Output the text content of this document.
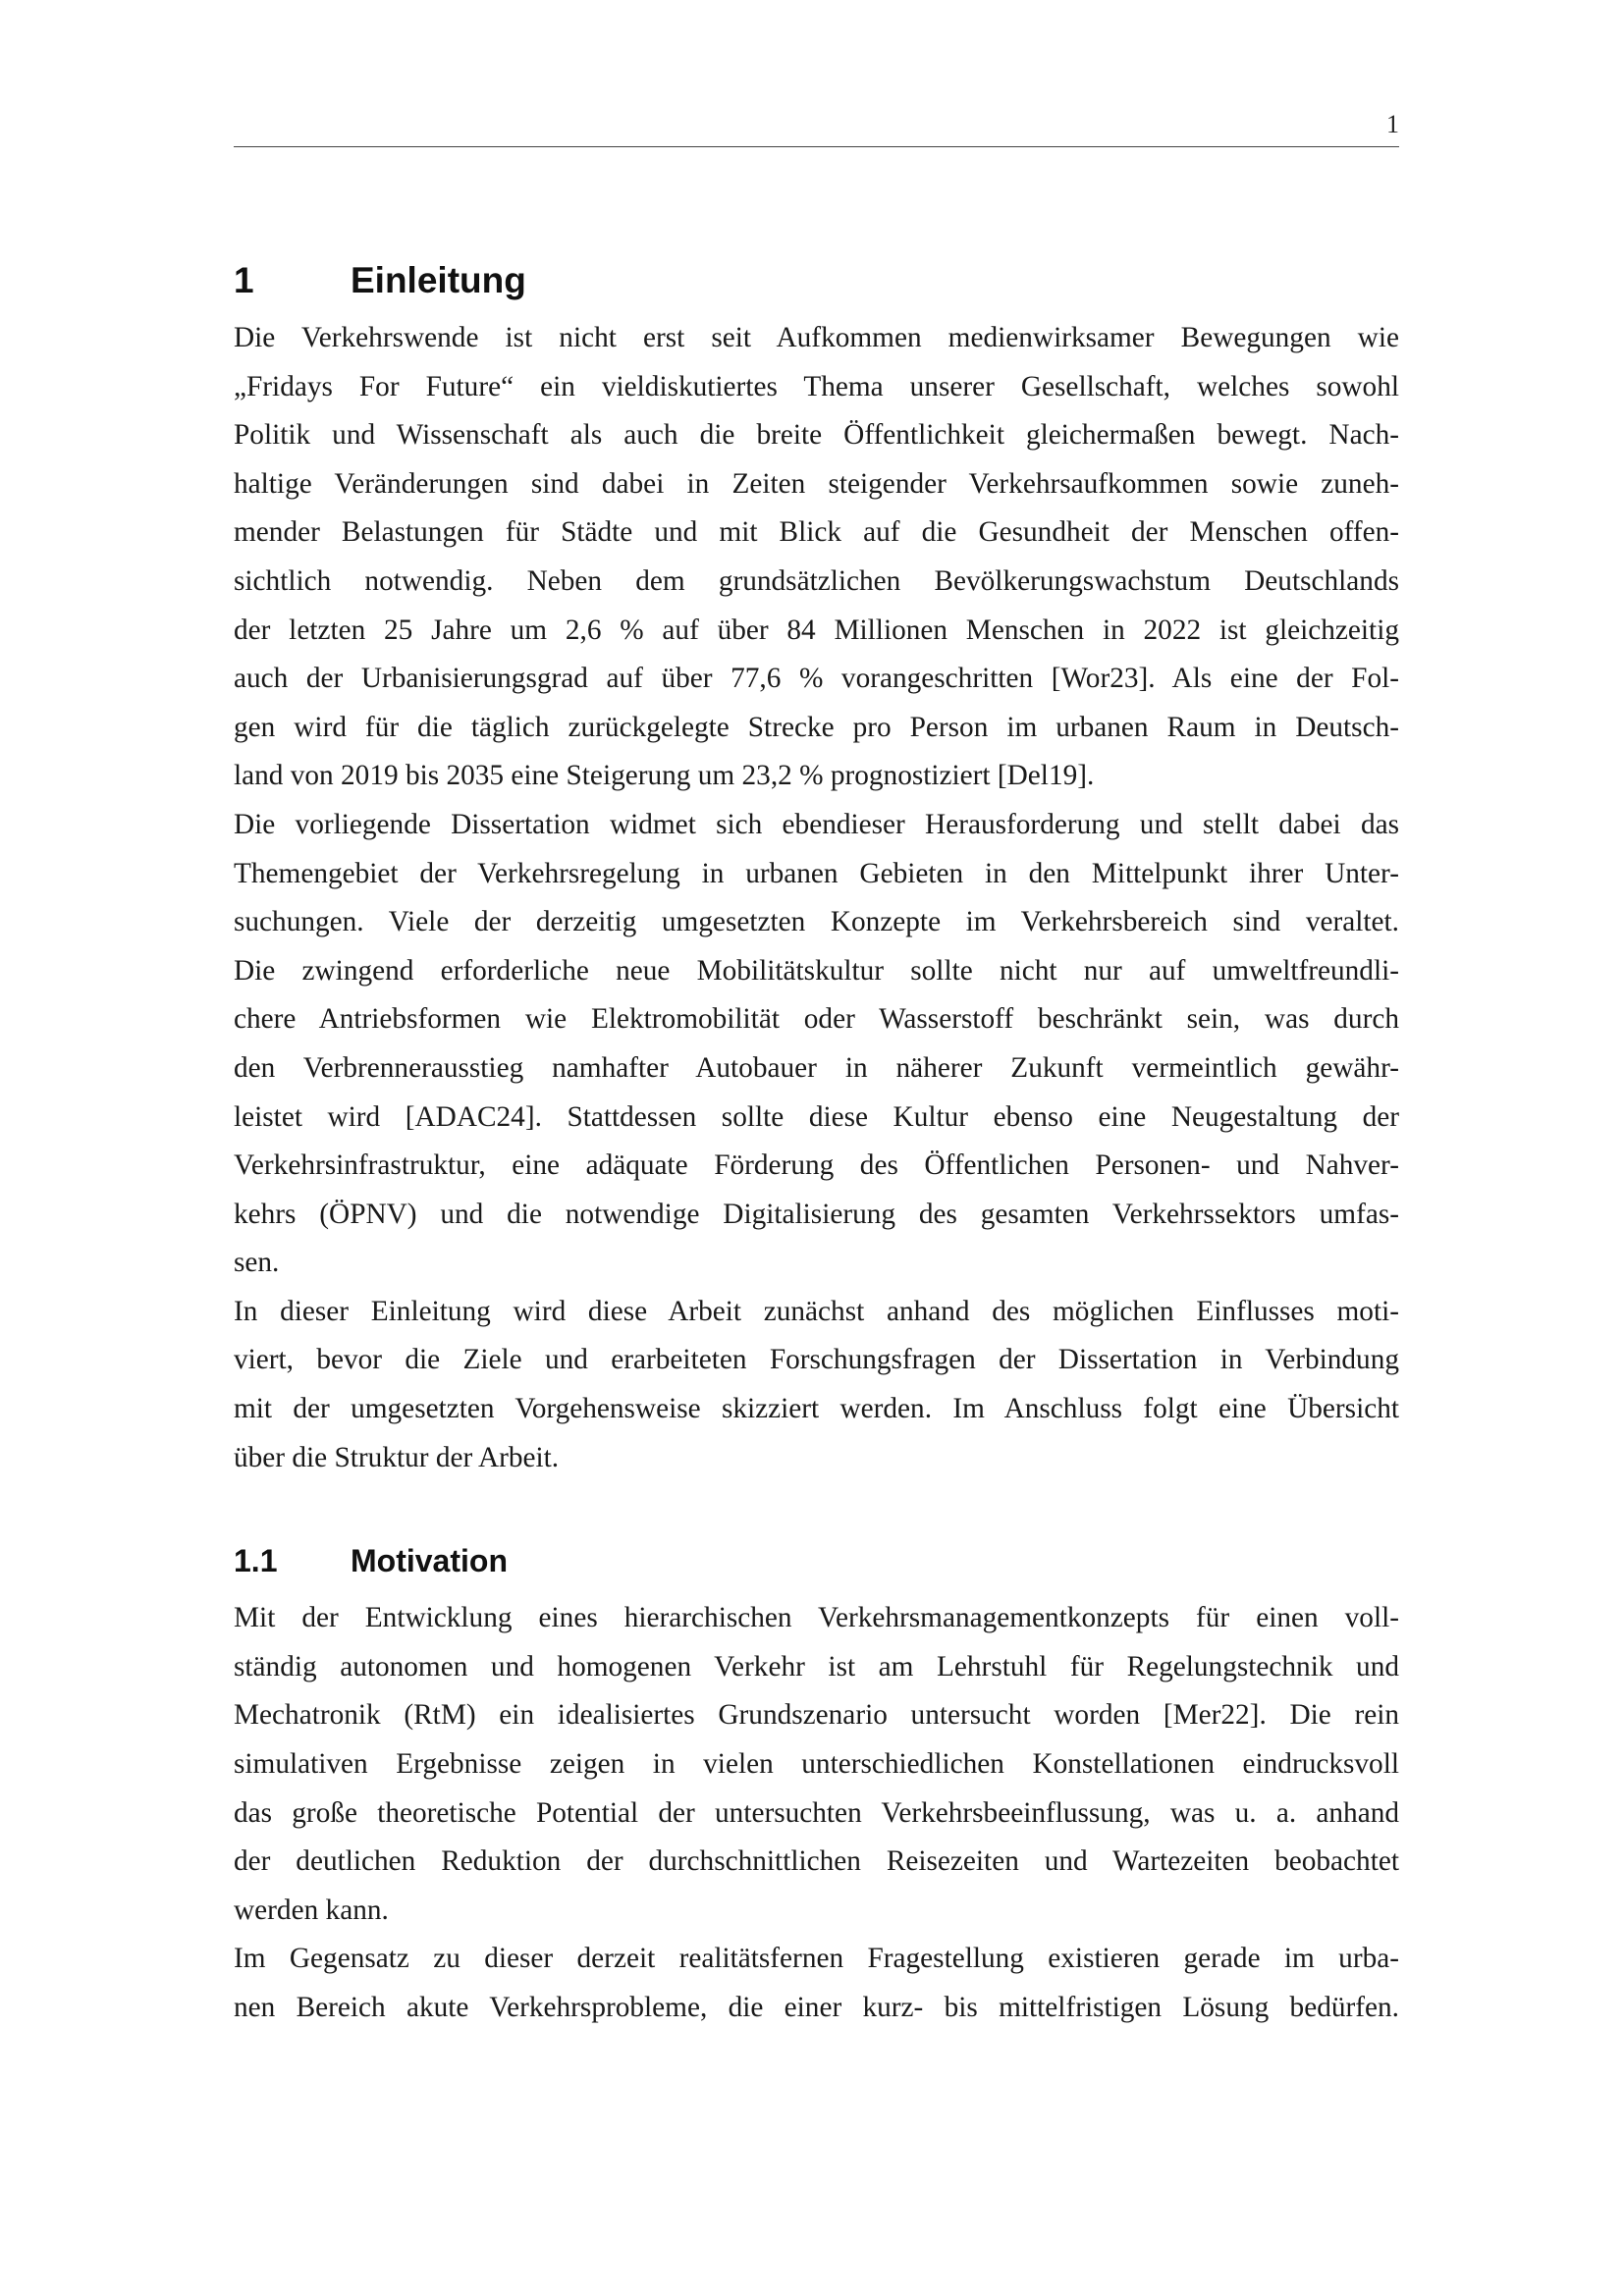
1
1	Einleitung
Die Verkehrswende ist nicht erst seit Aufkommen medienwirksamer Bewegungen wie
„Fridays For Future“ ein vieldiskutiertes Thema unserer Gesellschaft, welches sowohl
Politik und Wissenschaft als auch die breite Öffentlichkeit gleichermaßen bewegt. Nach-
haltige Veränderungen sind dabei in Zeiten steigender Verkehrsaufkommen sowie zuneh-
mender Belastungen für Städte und mit Blick auf die Gesundheit der Menschen offen-
sichtlich notwendig. Neben dem grundsätzlichen Bevölkerungswachstum Deutschlands
der letzten 25 Jahre um 2,6 % auf über 84 Millionen Menschen in 2022 ist gleichzeitig
auch der Urbanisierungsgrad auf über 77,6 % vorangeschritten [Wor23]. Als eine der Fol-
gen wird für die täglich zurückgelegte Strecke pro Person im urbanen Raum in Deutsch-
land von 2019 bis 2035 eine Steigerung um 23,2 % prognostiziert [Del19].
Die vorliegende Dissertation widmet sich ebendieser Herausforderung und stellt dabei das
Themengebiet der Verkehrsregelung in urbanen Gebieten in den Mittelpunkt ihrer Unter-
suchungen. Viele der derzeitig umgesetzten Konzepte im Verkehrsbereich sind veraltet.
Die zwingend erforderliche neue Mobilitätskultur sollte nicht nur auf umweltfreundli-
chere Antriebsformen wie Elektromobilität oder Wasserstoff beschränkt sein, was durch
den Verbrennerausstieg namhafter Autobauer in näherer Zukunft vermeintlich gewähr-
leistet wird [ADAC24]. Stattdessen sollte diese Kultur ebenso eine Neugestaltung der
Verkehrsinfrastruktur, eine adäquate Förderung des Öffentlichen Personen- und Nahver-
kehrs (ÖPNV) und die notwendige Digitalisierung des gesamten Verkehrssektors umfas-
sen.
In dieser Einleitung wird diese Arbeit zunächst anhand des möglichen Einflusses moti-
viert, bevor die Ziele und erarbeiteten Forschungsfragen der Dissertation in Verbindung
mit der umgesetzten Vorgehensweise skizziert werden. Im Anschluss folgt eine Übersicht
über die Struktur der Arbeit.
1.1	Motivation
Mit der Entwicklung eines hierarchischen Verkehrsmanagementkonzepts für einen voll-
ständig autonomen und homogenen Verkehr ist am Lehrstuhl für Regelungstechnik und
Mechatronik (RtM) ein idealisiertes Grundszenario untersucht worden [Mer22]. Die rein
simulativen Ergebnisse zeigen in vielen unterschiedlichen Konstellationen eindrucksvoll
das große theoretische Potential der untersuchten Verkehrsbeeinflussung, was u. a. anhand
der deutlichen Reduktion der durchschnittlichen Reisezeiten und Wartezeiten beobachtet
werden kann.
Im Gegensatz zu dieser derzeit realitätsfernen Fragestellung existieren gerade im urba-
nen Bereich akute Verkehrsprobleme, die einer kurz- bis mittelfristigen Lösung bedürfen.
